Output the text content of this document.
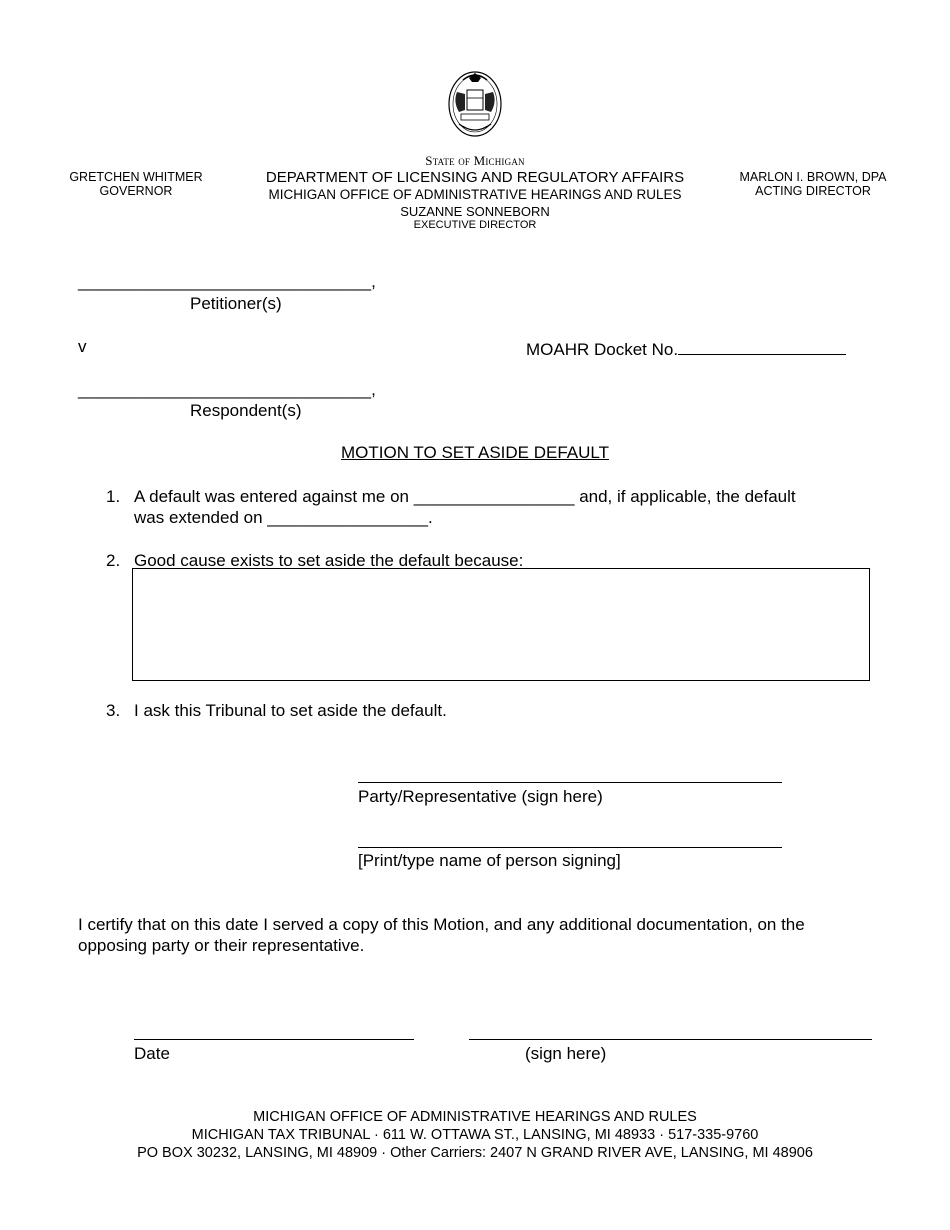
GRETCHEN WHITMER
GOVERNOR
State of Michigan
DEPARTMENT OF LICENSING AND REGULATORY AFFAIRS
MICHIGAN OFFICE OF ADMINISTRATIVE HEARINGS AND RULES
SUZANNE SONNEBORN
EXECUTIVE DIRECTOR
MARLON I. BROWN, DPA
ACTING DIRECTOR
_______________________________,
Petitioner(s)
v	MOAHR Docket No.
_______________________________,
Respondent(s)
MOTION TO SET ASIDE DEFAULT
1. A default was entered against me on _________________ and, if applicable, the default
was extended on _________________.
2. Good cause exists to set aside the default because:
3. I ask this Tribunal to set aside the default.
Party/Representative (sign here)
[Print/type name of person signing]
I certify that on this date I served a copy of this Motion, and any additional documentation, on the
opposing party or their representative.
Date	(sign here)
MICHIGAN OFFICE OF ADMINISTRATIVE HEARINGS AND RULES
MICHIGAN TAX TRIBUNAL · 611 W. OTTAWA ST., LANSING, MI 48933 · 517-335-9760
PO BOX 30232, LANSING, MI 48909 · Other Carriers: 2407 N GRAND RIVER AVE, LANSING, MI 48906
